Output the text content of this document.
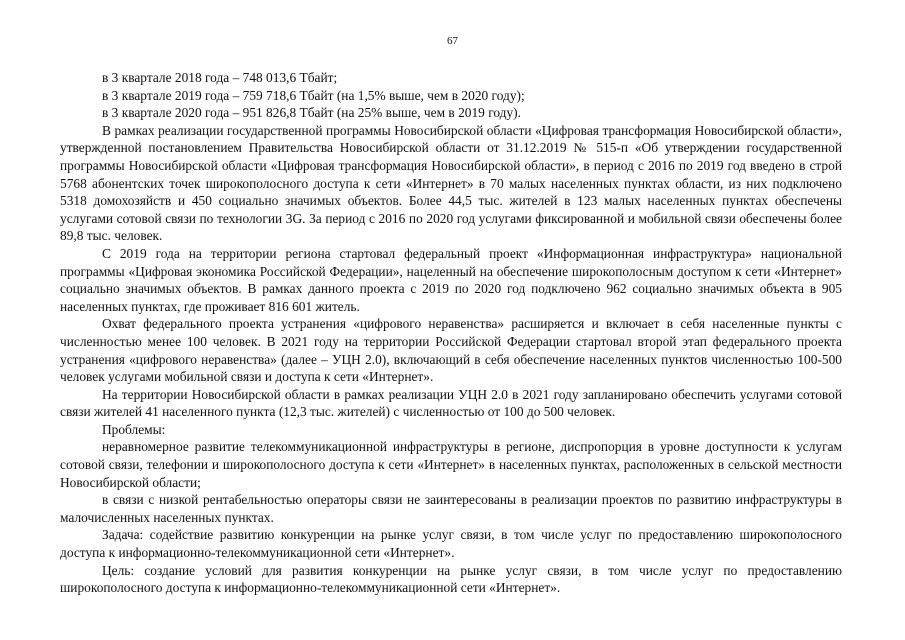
67

в 3 квартале 2018 года – 748 013,6 Тбайт;

в 3 квартале 2019 года – 759 718,6 Тбайт (на 1,5% выше, чем в 2020 году);

в 3 квартале 2020 года – 951 826,8 Тбайт (на 25% выше, чем в 2019 году).

В рамках реализации государственной программы Новосибирской области «Цифровая трансформация Новосибирской области», утвержденной постановлением Правительства Новосибирской области от 31.12.2019 № 515-п «Об утверждении государственной программы Новосибирской области «Цифровая трансформация Новосибирской области», в период с 2016 по 2019 год введено в строй 5768 абонентских точек широкополосного доступа к сети «Интернет» в 70 малых населенных пунктах области, из них подключено 5318 домохозяйств и 450 социально значимых объектов. Более 44,5 тыс. жителей в 123 малых населенных пунктах обеспечены услугами сотовой связи по технологии 3G. За период с 2016 по 2020 год услугами фиксированной и мобильной связи обеспечены более 89,8 тыс. человек.

С 2019 года на территории региона стартовал федеральный проект «Информационная инфраструктура» национальной программы «Цифровая экономика Российской Федерации», нацеленный на обеспечение широкополосным доступом к сети «Интернет» социально значимых объектов. В рамках данного проекта с 2019 по 2020 год подключено 962 социально значимых объекта в 905 населенных пунктах, где проживает 816 601 житель.

Охват федерального проекта устранения «цифрового неравенства» расширяется и включает в себя населенные пункты с численностью менее 100 человек. В 2021 году на территории Российской Федерации стартовал второй этап федерального проекта устранения «цифрового неравенства» (далее – УЦН 2.0), включающий в себя обеспечение населенных пунктов численностью 100-500 человек услугами мобильной связи и доступа к сети «Интернет».

На территории Новосибирской области в рамках реализации УЦН 2.0 в 2021 году запланировано обеспечить услугами сотовой связи жителей 41 населенного пункта (12,3 тыс. жителей) с численностью от 100 до 500 человек.

Проблемы:

неравномерное развитие телекоммуникационной инфраструктуры в регионе, диспропорция в уровне доступности к услугам сотовой связи, телефонии и широкополосного доступа к сети «Интернет» в населенных пунктах, расположенных в сельской местности Новосибирской области;

в связи с низкой рентабельностью операторы связи не заинтересованы в реализации проектов по развитию инфраструктуры в малочисленных населенных пунктах.

Задача: содействие развитию конкуренции на рынке услуг связи, в том числе услуг по предоставлению широкополосного доступа к информационно-телекоммуникационной сети «Интернет».

Цель: создание условий для развития конкуренции на рынке услуг связи, в том числе услуг по предоставлению широкополосного доступа к информационно-телекоммуникационной сети «Интернет».
